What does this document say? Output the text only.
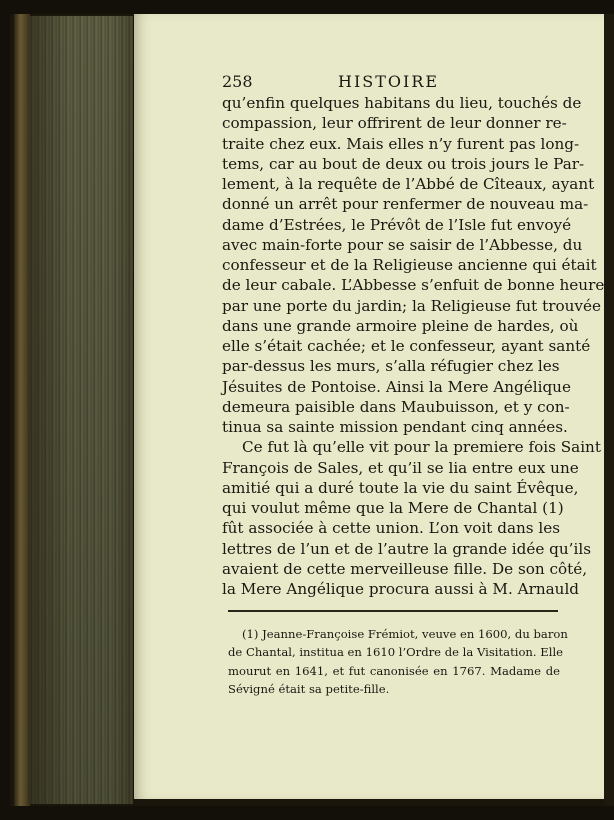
258	HISTOIRE
qu’enfin quelques habitans du lieu, touchés de
compassion, leur offrirent de leur donner re-
traite chez eux. Mais elles n’y furent pas long-
tems, car au bout de deux ou trois jours le Par-
lement, à la requête de l’Abbé de Cîteaux, ayant
donné un arrêt pour renfermer de nouveau ma-
dame d’Estrées, le Prévôt de l’Isle fut envoyé
avec main-forte pour se saisir de l’Abbesse, du
confesseur et de la Religieuse ancienne qui était
de leur cabale. L’Abbesse s’enfuit de bonne heure
par une porte du jardin; la Religieuse fut trouvée
dans une grande armoire pleine de hardes, où
elle s’était cachée; et le confesseur, ayant santé
par-dessus les murs, s’alla réfugier chez les
Jésuites de Pontoise. Ainsi la Mere Angélique
demeura paisible dans Maubuisson, et y con-
tinua sa sainte mission pendant cinq années.
Ce fut là qu’elle vit pour la premiere fois Saint
François de Sales, et qu’il se lia entre eux une
amitié qui a duré toute la vie du saint Évêque,
qui voulut même que la Mere de Chantal (1)
fût associée à cette union. L’on voit dans les
lettres de l’un et de l’autre la grande idée qu’ils
avaient de cette merveilleuse fille. De son côté,
la Mere Angélique procura aussi à M. Arnauld
(1) Jeanne-Françoise Frémiot, veuve en 1600, du baron
de Chantal, institua en 1610 l’Ordre de la Visitation. Elle
mourut en 1641, et fut canonisée en 1767. Madame de
Sévigné était sa petite-fille.
